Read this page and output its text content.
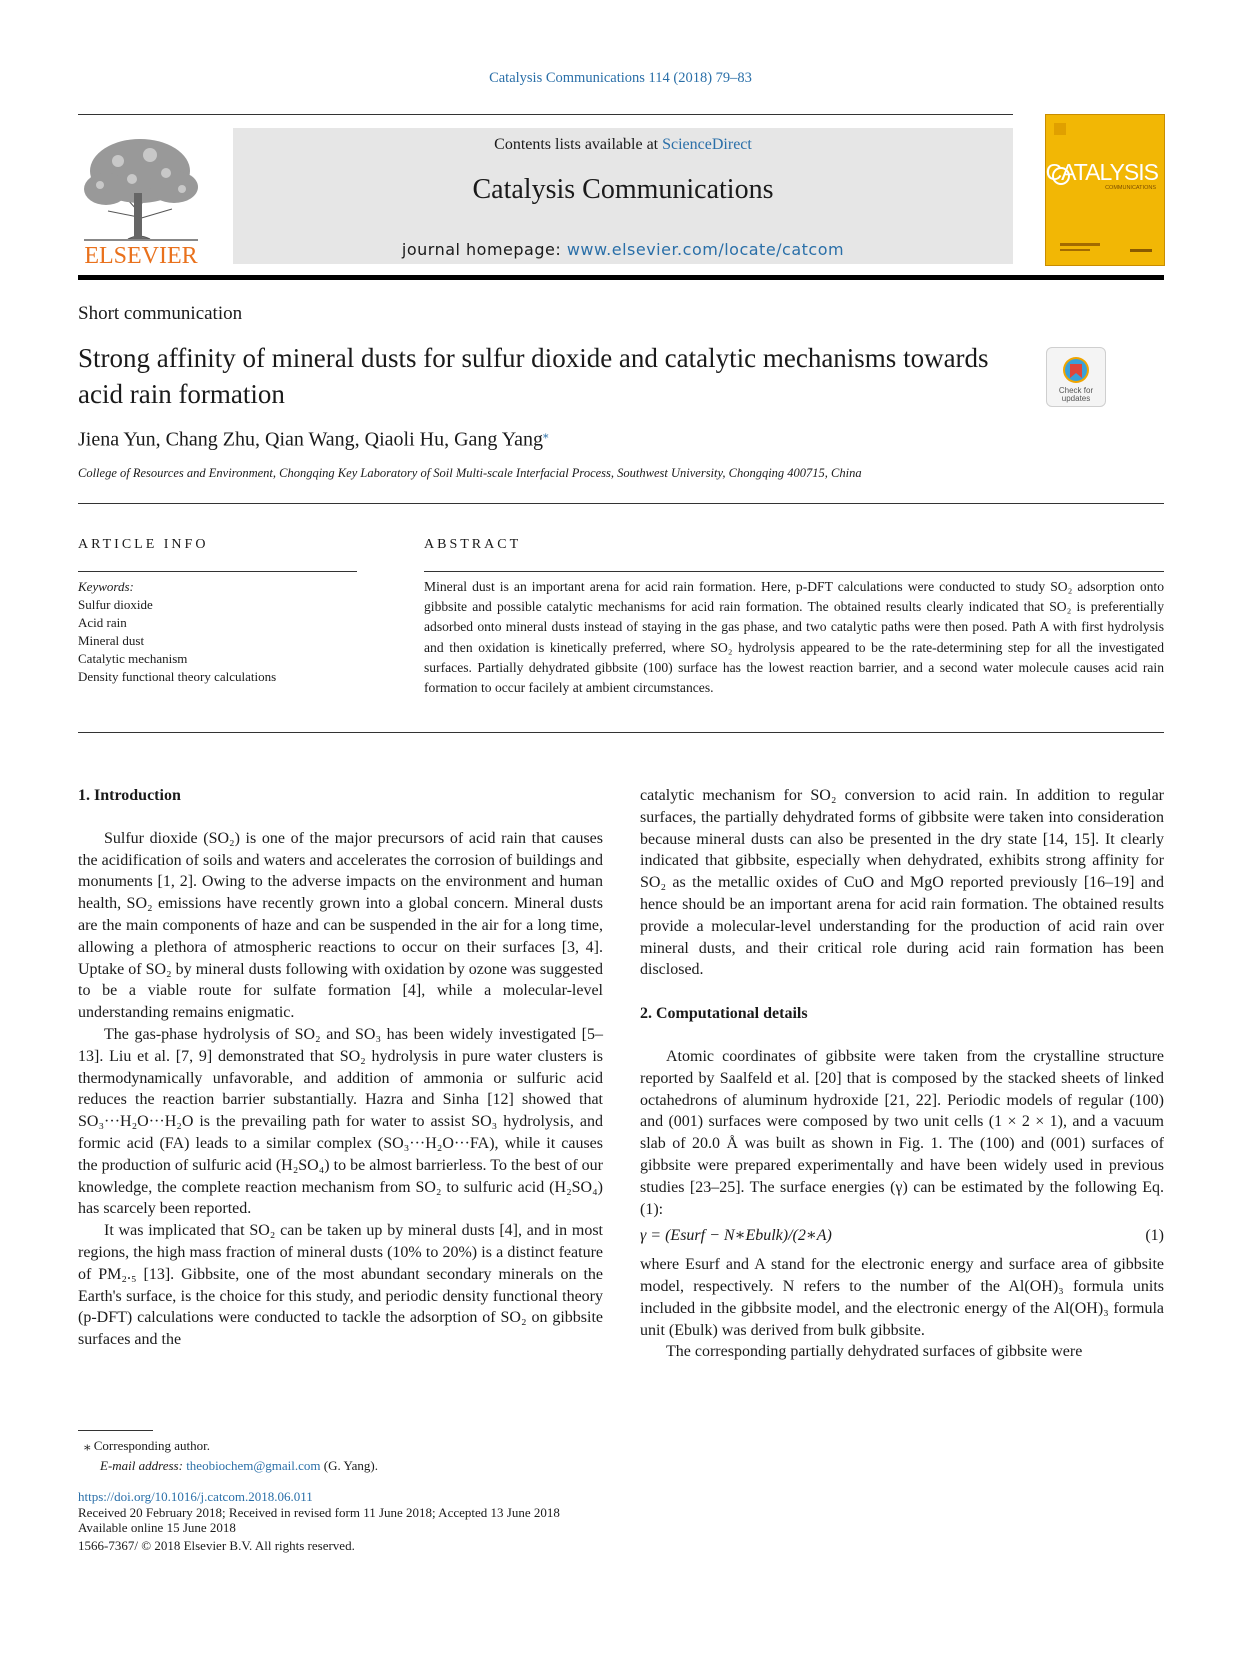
Catalysis Communications 114 (2018) 79–83
ELSEVIER
Contents lists available at ScienceDirect
Catalysis Communications
journal homepage: www.elsevier.com/locate/catcom
CATALYSIS
COMMUNICATIONS
Short communication
Strong affinity of mineral dusts for sulfur dioxide and catalytic mechanisms towards acid rain formation	Check for
updates
Jiena Yun, Chang Zhu, Qian Wang, Qiaoli Hu, Gang Yang⁎
College of Resources and Environment, Chongqing Key Laboratory of Soil Multi-scale Interfacial Process, Southwest University, Chongqing 400715, China
ARTICLE INFO	ABSTRACT
Keywords:
Sulfur dioxide
Acid rain
Mineral dust
Catalytic mechanism
Density functional theory calculations
Mineral dust is an important arena for acid rain formation. Here, p-DFT calculations were conducted to study SO₂ adsorption onto gibbsite and possible catalytic mechanisms for acid rain formation. The obtained results clearly indicated that SO₂ is preferentially adsorbed onto mineral dusts instead of staying in the gas phase, and two catalytic paths were then posed. Path A with first hydrolysis and then oxidation is kinetically preferred, where SO₂ hydrolysis appeared to be the rate-determining step for all the investigated surfaces. Partially dehydrated gibbsite (100) surface has the lowest reaction barrier, and a second water molecule causes acid rain formation to occur facilely at ambient circumstances.
1. Introduction

Sulfur dioxide (SO₂) is one of the major precursors of acid rain that causes the acidification of soils and waters and accelerates the corrosion of buildings and monuments [1, 2]. Owing to the adverse impacts on the environment and human health, SO₂ emissions have recently grown into a global concern. Mineral dusts are the main components of haze and can be suspended in the air for a long time, allowing a plethora of atmospheric reactions to occur on their surfaces [3, 4]. Uptake of SO₂ by mineral dusts following with oxidation by ozone was suggested to be a viable route for sulfate formation [4], while a molecular-level understanding remains enigmatic.

The gas-phase hydrolysis of SO₂ and SO₃ has been widely investigated [5–13]. Liu et al. [7, 9] demonstrated that SO₂ hydrolysis in pure water clusters is thermodynamically unfavorable, and addition of ammonia or sulfuric acid reduces the reaction barrier substantially. Hazra and Sinha [12] showed that SO₃···H₂O···H₂O is the prevailing path for water to assist SO₃ hydrolysis, and formic acid (FA) leads to a similar complex (SO₃···H₂O···FA), while it causes the production of sulfuric acid (H₂SO₄) to be almost barrierless. To the best of our knowledge, the complete reaction mechanism from SO₂ to sulfuric acid (H₂SO₄) has scarcely been reported.

It was implicated that SO₂ can be taken up by mineral dusts [4], and in most regions, the high mass fraction of mineral dusts (10% to 20%) is a distinct feature of PM₂.₅ [13]. Gibbsite, one of the most abundant secondary minerals on the Earth's surface, is the choice for this study, and periodic density functional theory (p-DFT) calculations were conducted to tackle the adsorption of SO₂ on gibbsite surfaces and the

catalytic mechanism for SO₂ conversion to acid rain. In addition to regular surfaces, the partially dehydrated forms of gibbsite were taken into consideration because mineral dusts can also be presented in the dry state [14, 15]. It clearly indicated that gibbsite, especially when dehydrated, exhibits strong affinity for SO₂ as the metallic oxides of CuO and MgO reported previously [16–19] and hence should be an important arena for acid rain formation. The obtained results provide a molecular-level understanding for the production of acid rain over mineral dusts, and their critical role during acid rain formation has been disclosed.

2. Computational details

Atomic coordinates of gibbsite were taken from the crystalline structure reported by Saalfeld et al. [20] that is composed by the stacked sheets of linked octahedrons of aluminum hydroxide [21, 22]. Periodic models of regular (100) and (001) surfaces were composed by two unit cells (1 × 2 × 1), and a vacuum slab of 20.0 Å was built as shown in Fig. 1. The (100) and (001) surfaces of gibbsite were prepared experimentally and have been widely used in previous studies [23–25]. The surface energies (γ) can be estimated by the following Eq. (1):

γ = (Esurf − N∗Ebulk)/(2∗A)	(1)

where Esurf and A stand for the electronic energy and surface area of gibbsite model, respectively. N refers to the number of the Al(OH)₃ formula units included in the gibbsite model, and the electronic energy of the Al(OH)₃ formula unit (Ebulk) was derived from bulk gibbsite.

The corresponding partially dehydrated surfaces of gibbsite were

⁎ Corresponding author.
E-mail address: theobiochem@gmail.com (G. Yang).
https://doi.org/10.1016/j.catcom.2018.06.011
Received 20 February 2018; Received in revised form 11 June 2018; Accepted 13 June 2018
Available online 15 June 2018
1566-7367/ © 2018 Elsevier B.V. All rights reserved.
